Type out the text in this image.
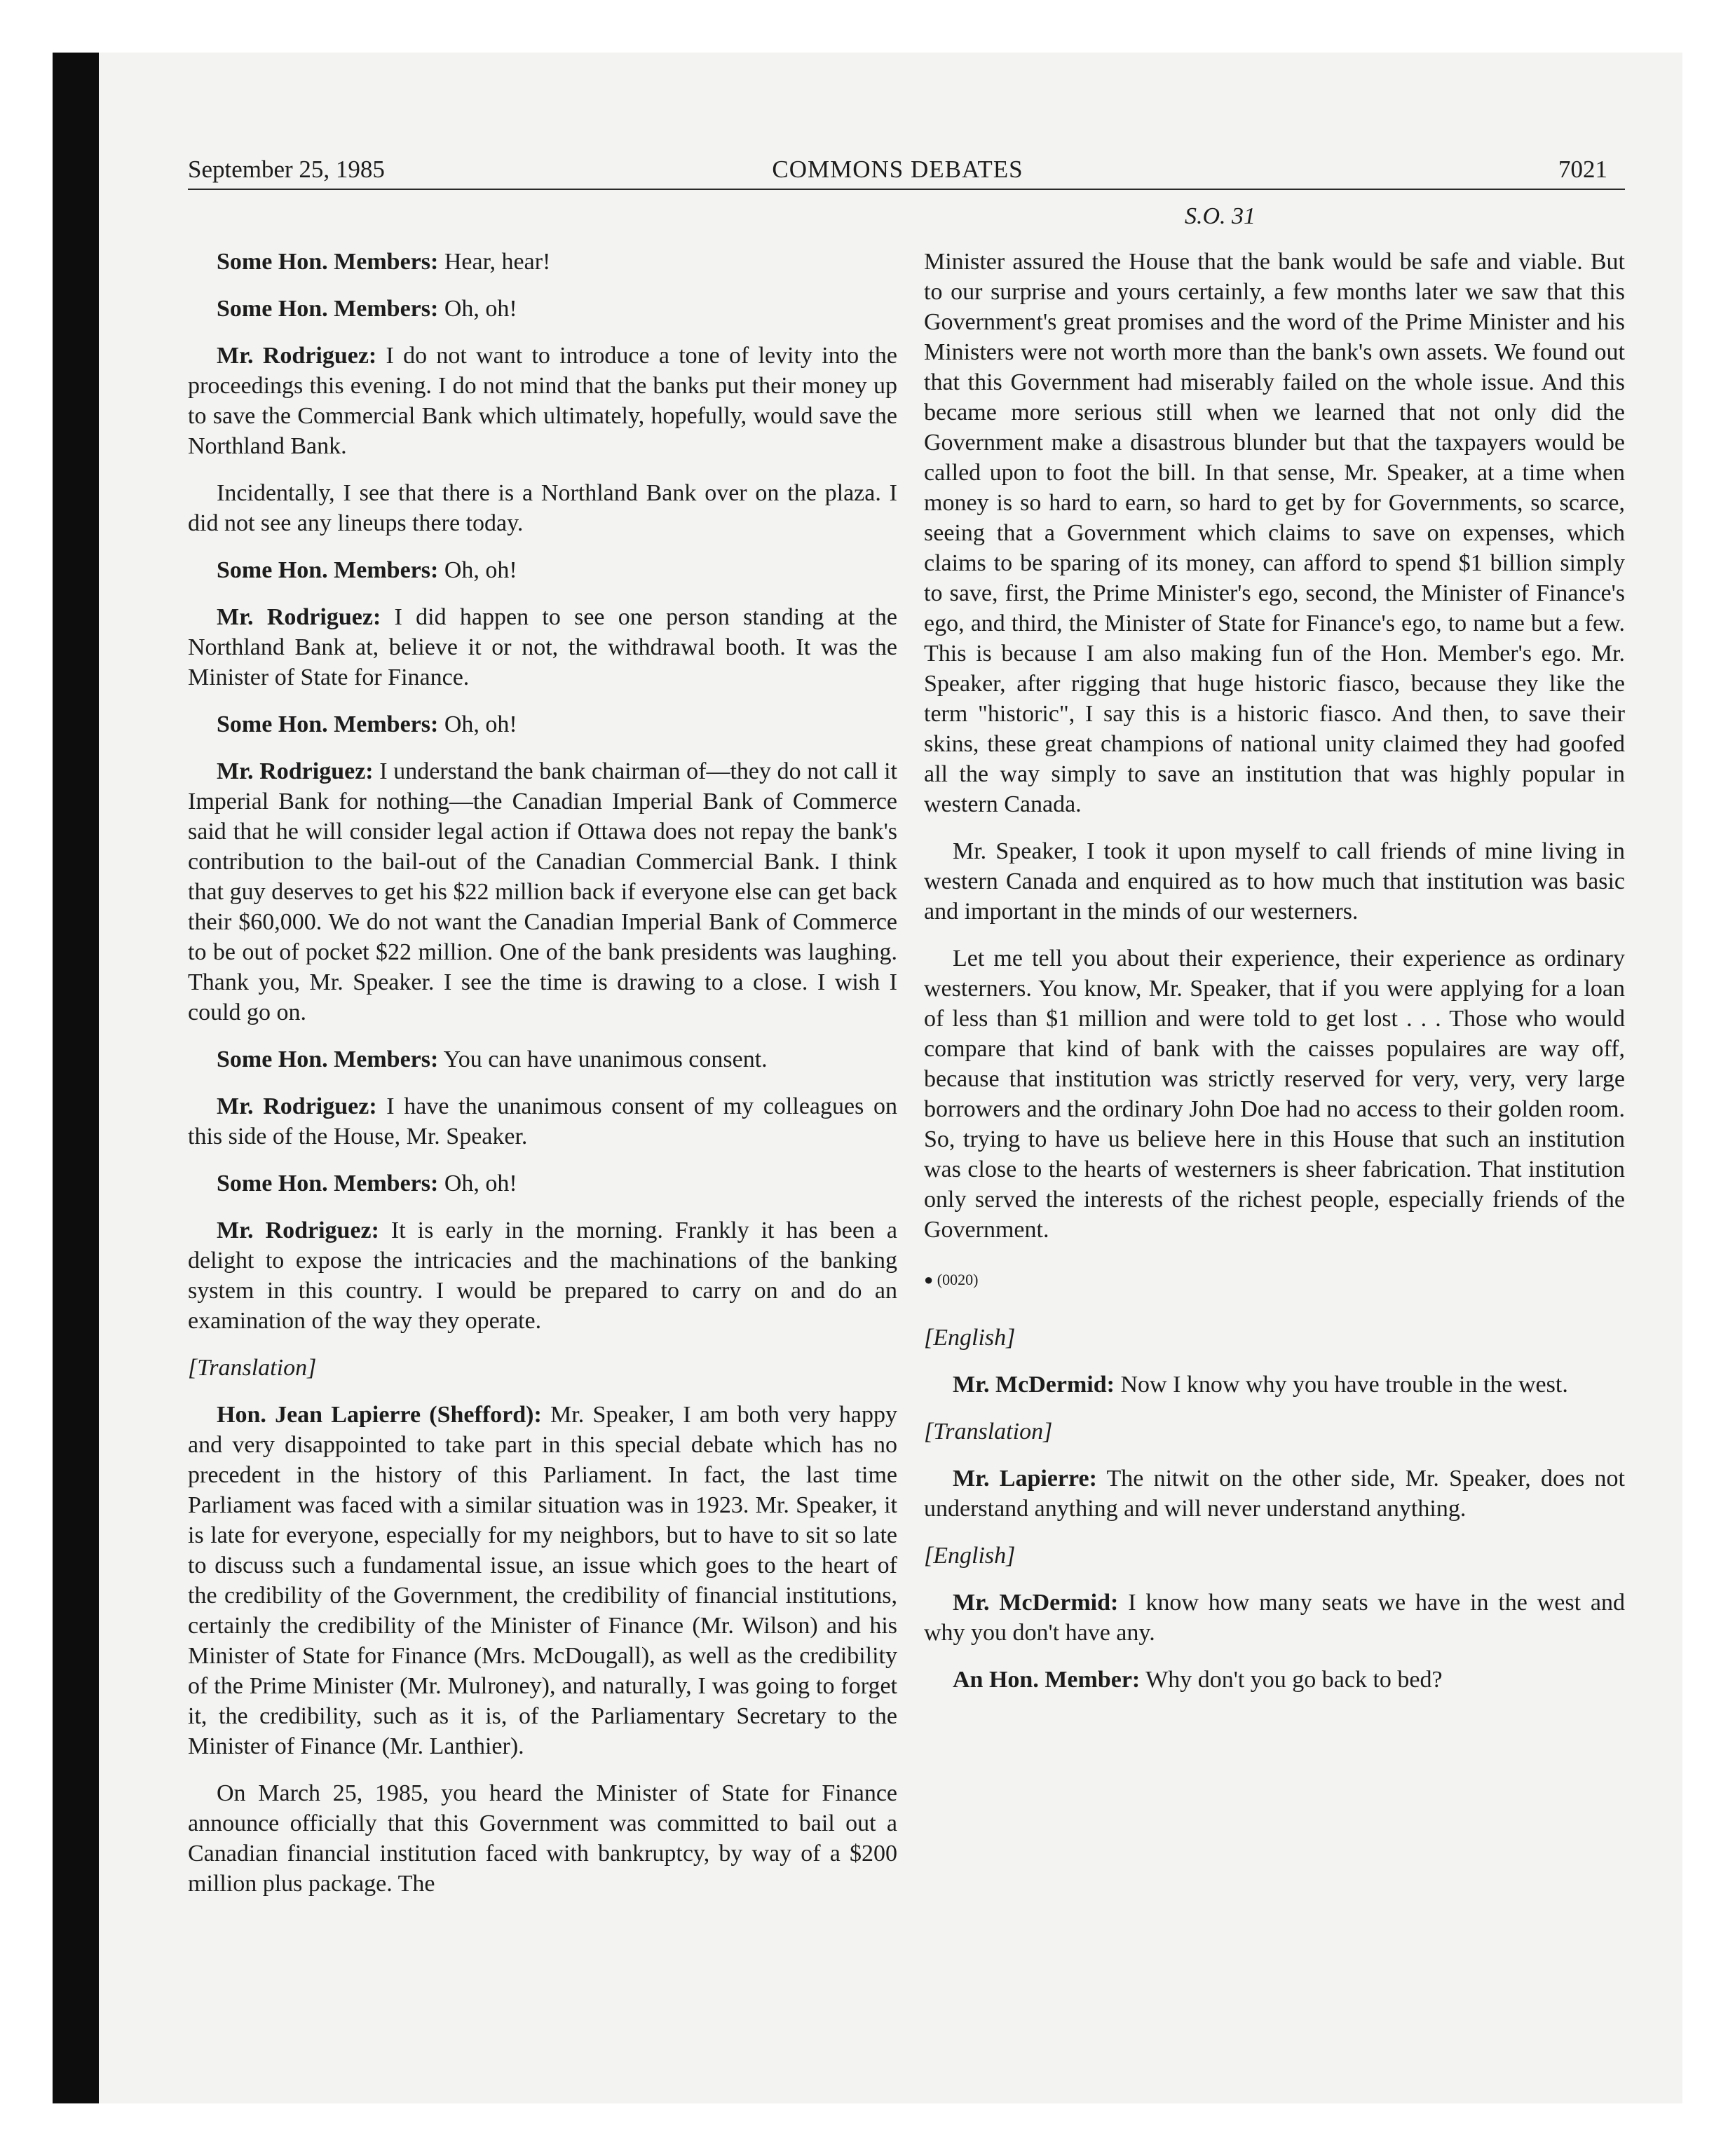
September 25, 1985	COMMONS DEBATES	7021
S.O. 31

Some Hon. Members: Hear, hear!

Some Hon. Members: Oh, oh!

Mr. Rodriguez: I do not want to introduce a tone of levity into the proceedings this evening. I do not mind that the banks put their money up to save the Commercial Bank which ultimately, hopefully, would save the Northland Bank.

Incidentally, I see that there is a Northland Bank over on the plaza. I did not see any lineups there today.

Some Hon. Members: Oh, oh!

Mr. Rodriguez: I did happen to see one person standing at the Northland Bank at, believe it or not, the withdrawal booth. It was the Minister of State for Finance.

Some Hon. Members: Oh, oh!

Mr. Rodriguez: I understand the bank chairman of—they do not call it Imperial Bank for nothing—the Canadian Imperial Bank of Commerce said that he will consider legal action if Ottawa does not repay the bank's contribution to the bail-out of the Canadian Commercial Bank. I think that guy deserves to get his $22 million back if everyone else can get back their $60,000. We do not want the Canadian Imperial Bank of Commerce to be out of pocket $22 million. One of the bank presidents was laughing. Thank you, Mr. Speaker. I see the time is drawing to a close. I wish I could go on.

Some Hon. Members: You can have unanimous consent.

Mr. Rodriguez: I have the unanimous consent of my colleagues on this side of the House, Mr. Speaker.

Some Hon. Members: Oh, oh!

Mr. Rodriguez: It is early in the morning. Frankly it has been a delight to expose the intricacies and the machinations of the banking system in this country. I would be prepared to carry on and do an examination of the way they operate.

[Translation]

Hon. Jean Lapierre (Shefford): Mr. Speaker, I am both very happy and very disappointed to take part in this special debate which has no precedent in the history of this Parliament. In fact, the last time Parliament was faced with a similar situation was in 1923. Mr. Speaker, it is late for everyone, especially for my neighbors, but to have to sit so late to discuss such a fundamental issue, an issue which goes to the heart of the credibility of the Government, the credibility of financial institutions, certainly the credibility of the Minister of Finance (Mr. Wilson) and his Minister of State for Finance (Mrs. McDougall), as well as the credibility of the Prime Minister (Mr. Mulroney), and naturally, I was going to forget it, the credibility, such as it is, of the Parliamentary Secretary to the Minister of Finance (Mr. Lanthier).

On March 25, 1985, you heard the Minister of State for Finance announce officially that this Government was committed to bail out a Canadian financial institution faced with bankruptcy, by way of a $200 million plus package. The

Minister assured the House that the bank would be safe and viable. But to our surprise and yours certainly, a few months later we saw that this Government's great promises and the word of the Prime Minister and his Ministers were not worth more than the bank's own assets. We found out that this Government had miserably failed on the whole issue. And this became more serious still when we learned that not only did the Government make a disastrous blunder but that the taxpayers would be called upon to foot the bill. In that sense, Mr. Speaker, at a time when money is so hard to earn, so hard to get by for Governments, so scarce, seeing that a Government which claims to save on expenses, which claims to be sparing of its money, can afford to spend $1 billion simply to save, first, the Prime Minister's ego, second, the Minister of Finance's ego, and third, the Minister of State for Finance's ego, to name but a few. This is because I am also making fun of the Hon. Member's ego. Mr. Speaker, after rigging that huge historic fiasco, because they like the term "historic", I say this is a historic fiasco. And then, to save their skins, these great champions of national unity claimed they had goofed all the way simply to save an institution that was highly popular in western Canada.

Mr. Speaker, I took it upon myself to call friends of mine living in western Canada and enquired as to how much that institution was basic and important in the minds of our westerners.

Let me tell you about their experience, their experience as ordinary westerners. You know, Mr. Speaker, that if you were applying for a loan of less than $1 million and were told to get lost . . . Those who would compare that kind of bank with the caisses populaires are way off, because that institution was strictly reserved for very, very, very large borrowers and the ordinary John Doe had no access to their golden room. So, trying to have us believe here in this House that such an institution was close to the hearts of westerners is sheer fabrication. That institution only served the interests of the richest people, especially friends of the Government.

● (0020)

[English]

Mr. McDermid: Now I know why you have trouble in the west.

[Translation]

Mr. Lapierre: The nitwit on the other side, Mr. Speaker, does not understand anything and will never understand anything.

[English]

Mr. McDermid: I know how many seats we have in the west and why you don't have any.

An Hon. Member: Why don't you go back to bed?
